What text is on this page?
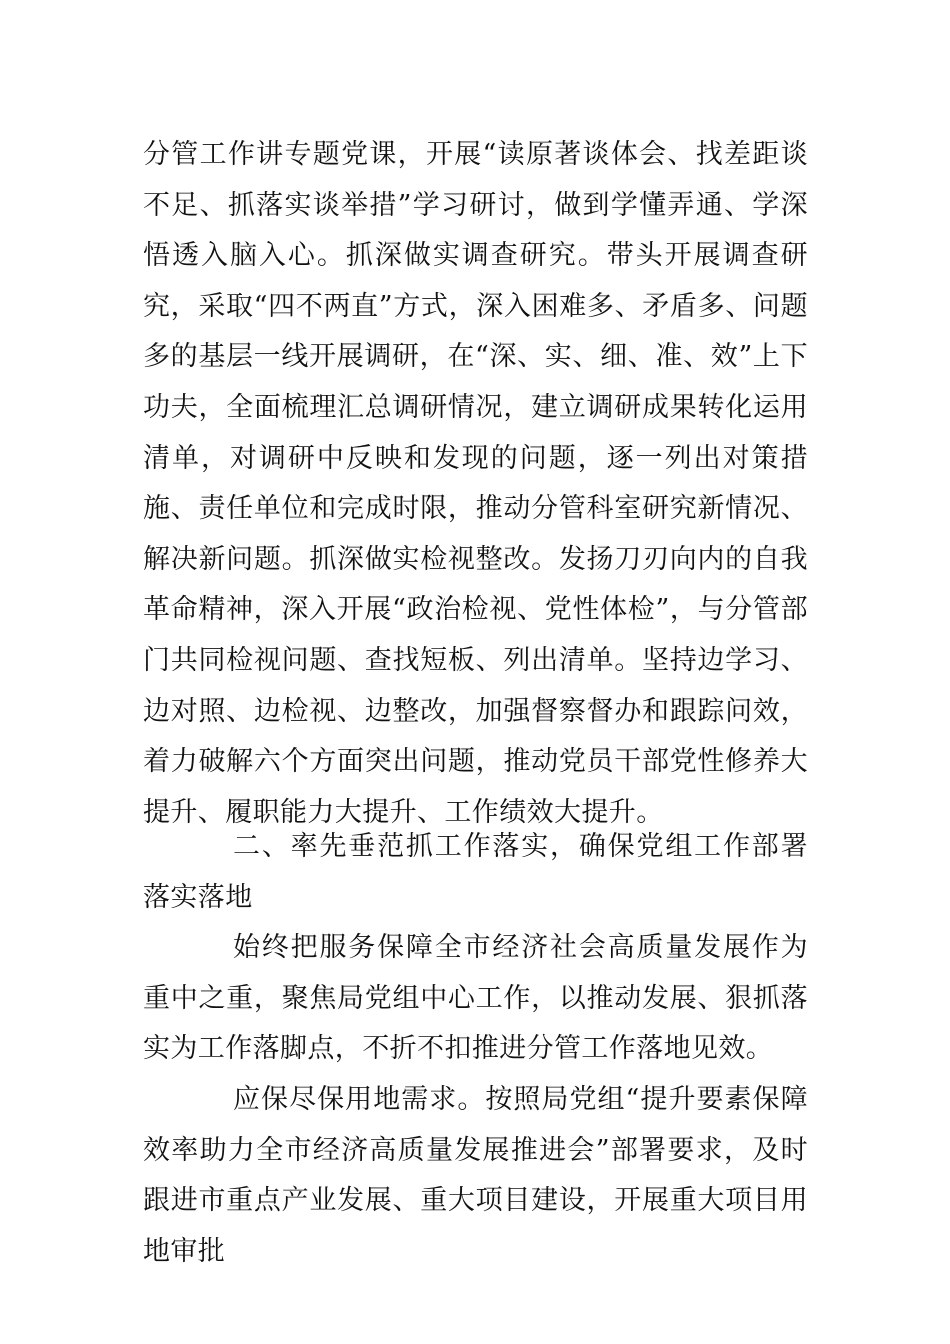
分管工作讲专题党课，开展“读原著谈体会、找差距谈不足、抓落实谈举措”学习研讨，做到学懂弄通、学深悟透入脑入心。抓深做实调查研究。带头开展调查研究，采取“四不两直”方式，深入困难多、矛盾多、问题多的基层一线开展调研，在“深、实、细、准、效”上下功夫，全面梳理汇总调研情况，建立调研成果转化运用清单，对调研中反映和发现的问题，逐一列出对策措施、责任单位和完成时限，推动分管科室研究新情况、解决新问题。抓深做实检视整改。发扬刀刃向内的自我革命精神，深入开展“政治检视、党性体检”，与分管部门共同检视问题、查找短板、列出清单。坚持边学习、边对照、边检视、边整改，加强督察督办和跟踪问效，着力破解六个方面突出问题，推动党员干部党性修养大提升、履职能力大提升、工作绩效大提升。
二、率先垂范抓工作落实，确保党组工作部署落实落地
始终把服务保障全市经济社会高质量发展作为重中之重，聚焦局党组中心工作，以推动发展、狠抓落实为工作落脚点，不折不扣推进分管工作落地见效。
应保尽保用地需求。按照局党组“提升要素保障效率助力全市经济高质量发展推进会”部署要求，及时跟进市重点产业发展、重大项目建设，开展重大项目用地审批
